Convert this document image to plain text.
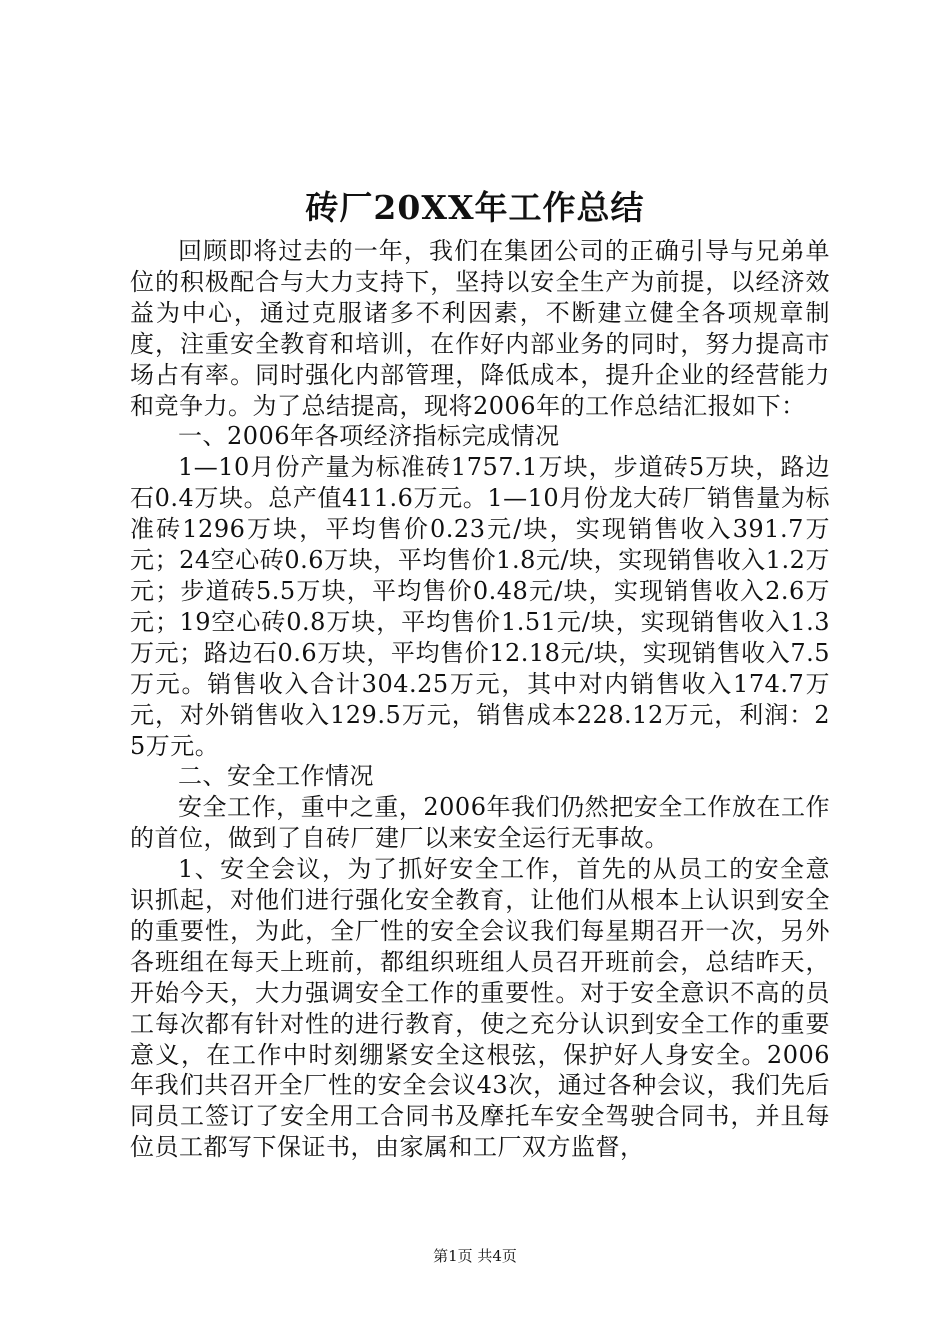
砖厂20XX年工作总结

回顾即将过去的一年，我们在集团公司的正确引导与兄弟单位的积极配合与大力支持下，坚持以安全生产为前提，以经济效益为中心，通过克服诸多不利因素，不断建立健全各项规章制度，注重安全教育和培训，在作好内部业务的同时，努力提高市场占有率。同时强化内部管理，降低成本，提升企业的经营能力和竞争力。为了总结提高，现将2006年的工作总结汇报如下：

一、2006年各项经济指标完成情况

1—10月份产量为标准砖1757.1万块，步道砖5万块，路边石0.4万块。总产值411.6万元。1—10月份龙大砖厂销售量为标准砖1296万块，平均售价0.23元/块，实现销售收入391.7万元；24空心砖0.6万块，平均售价1.8元/块，实现销售收入1.2万元；步道砖5.5万块，平均售价0.48元/块，实现销售收入2.6万元；19空心砖0.8万块，平均售价1.51元/块，实现销售收入1.3万元；路边石0.6万块，平均售价12.18元/块，实现销售收入7.5万元。销售收入合计304.25万元，其中对内销售收入174.7万元，对外销售收入129.5万元，销售成本228.12万元，利润：25万元。

二、安全工作情况

安全工作，重中之重，2006年我们仍然把安全工作放在工作的首位，做到了自砖厂建厂以来安全运行无事故。

1、安全会议，为了抓好安全工作，首先的从员工的安全意识抓起，对他们进行强化安全教育，让他们从根本上认识到安全的重要性，为此，全厂性的安全会议我们每星期召开一次，另外各班组在每天上班前，都组织班组人员召开班前会，总结昨天，开始今天，大力强调安全工作的重要性。对于安全意识不高的员工每次都有针对性的进行教育，使之充分认识到安全工作的重要意义，在工作中时刻绷紧安全这根弦，保护好人身安全。2006年我们共召开全厂性的安全会议43次，通过各种会议，我们先后同员工签订了安全用工合同书及摩托车安全驾驶合同书，并且每位员工都写下保证书，由家属和工厂双方监督，

第1页 共4页
